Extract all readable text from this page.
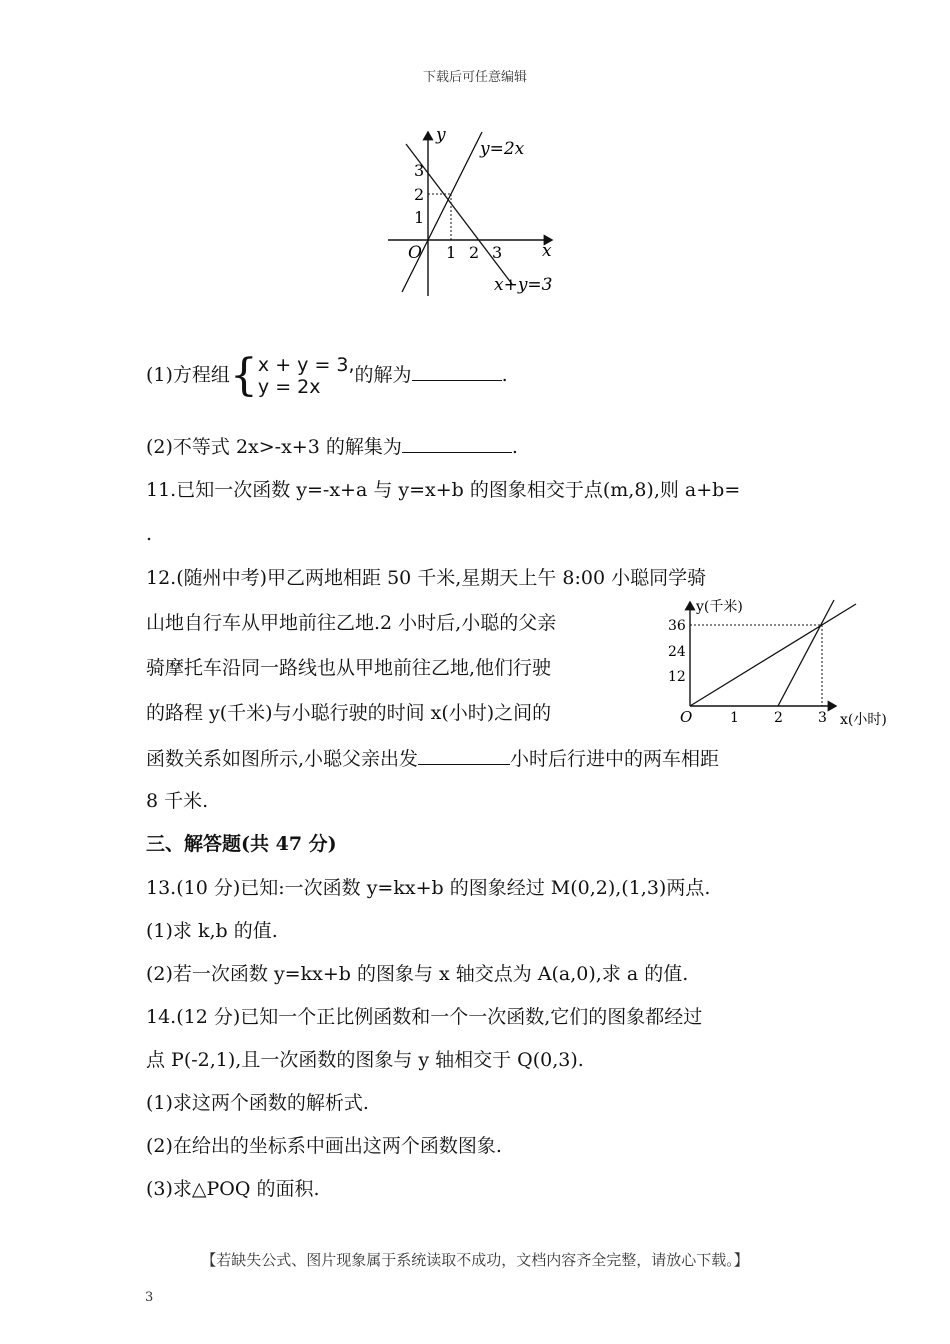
下载后可任意编辑
y
x
O
y=2x
x+y=3
3
2
1
1 2 3
(1)方程组{ x + y = 3,
y = 2x
的解为	.
(2)不等式 2x>-x+3 的解集为	.
11.已知一次函数 y=-x+a 与 y=x+b 的图象相交于点(m,8),则 a+b=
.
12.(随州中考)甲乙两地相距 50 千米,星期天上午 8:00 小聪同学骑
山地自行车从甲地前往乙地.2 小时后,小聪的父亲
骑摩托车沿同一路线也从甲地前往乙地,他们行驶
的路程 y(千米)与小聪行驶的时间 x(小时)之间的
函数关系如图所示,小聪父亲出发	小时后行进中的两车相距
8 千米.
y(千米)
x(小时)
O
36
24
12
1	2	3
三、解答题(共 47 分)
13.(10 分)已知:一次函数 y=kx+b 的图象经过 M(0,2),(1,3)两点.
(1)求 k,b 的值.
(2)若一次函数 y=kx+b 的图象与 x 轴交点为 A(a,0),求 a 的值.
14.(12 分)已知一个正比例函数和一个一次函数,它们的图象都经过
点 P(-2,1),且一次函数的图象与 y 轴相交于 Q(0,3).
(1)求这两个函数的解析式.
(2)在给出的坐标系中画出这两个函数图象.
(3)求△POQ 的面积.
【若缺失公式、图片现象属于系统读取不成功，文档内容齐全完整，请放心下载。】
3
